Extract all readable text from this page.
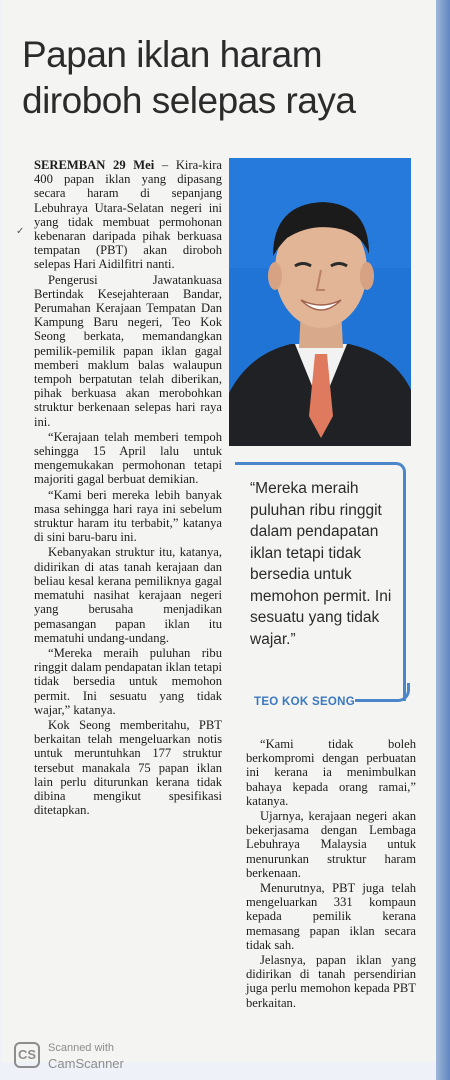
Papan iklan haram
diroboh selepas raya

SEREMBAN 29 Mei – Kira-kira 400 papan iklan yang dipasang secara haram di sepanjang Lebuhraya Utara-Selatan negeri ini yang tidak membuat permohonan kebenaran daripada pihak berkuasa tempatan (PBT) akan diroboh selepas Hari Aidilfitri nanti.

Pengerusi Jawatankuasa Bertindak Kesejahteraan Bandar, Perumahan Kerajaan Tempatan Dan Kampung Baru negeri, Teo Kok Seong berkata, memandangkan pemilik-pemilik papan iklan gagal memberi maklum balas walaupun tempoh berpatutan telah diberikan, pihak berkuasa akan merobohkan struktur berkenaan selepas hari raya ini.

“Kerajaan telah memberi tempoh sehingga 15 April lalu untuk mengemukakan permohonan tetapi majoriti gagal berbuat demikian.

“Kami beri mereka lebih banyak masa sehingga hari raya ini sebelum struktur haram itu terbabit,” katanya di sini baru-baru ini.

Kebanyakan struktur itu, katanya, didirikan di atas tanah kerajaan dan beliau kesal kerana pemiliknya gagal mematuhi nasihat kerajaan negeri yang berusaha menjadikan pemasangan papan iklan itu mematuhi undang-undang.

“Mereka meraih puluhan ribu ringgit dalam pendapatan iklan tetapi tidak bersedia untuk memohon permit. Ini sesuatu yang tidak wajar,” katanya.

Kok Seong memberitahu, PBT berkaitan telah mengeluarkan notis untuk meruntuhkan 177 struktur tersebut manakala 75 papan iklan lain perlu diturunkan kerana tidak dibina mengikut spesifikasi ditetapkan.

“Mereka meraih puluhan ribu ringgit dalam pendapatan iklan tetapi tidak bersedia untuk memohon permit. Ini sesuatu yang tidak wajar.”
TEO KOK SEONG

“Kami tidak boleh berkompromi dengan perbuatan ini kerana ia menimbulkan bahaya kepada orang ramai,” katanya.

Ujarnya, kerajaan negeri akan bekerjasama dengan Lembaga Lebuhraya Malaysia untuk menurunkan struktur haram berkenaan.

Menurutnya, PBT juga telah mengeluarkan 331 kompaun kepada pemilik kerana memasang papan iklan secara tidak sah.

Jelasnya, papan iklan yang didirikan di tanah persendirian juga perlu memohon kepada PBT berkaitan.

✓
CS	Scanned with
CamScanner
